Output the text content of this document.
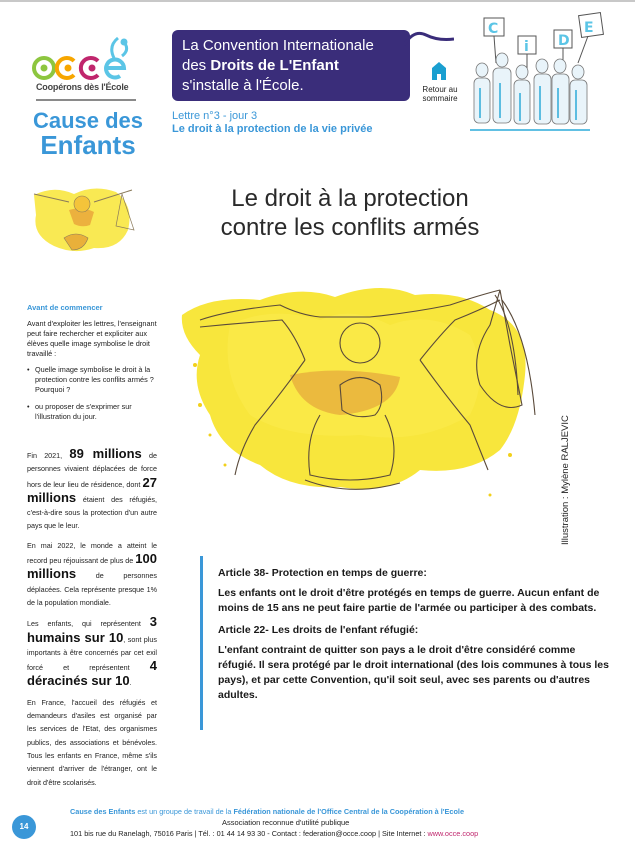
Coopérons dès l'École
Cause des
Enfants
La Convention Internationale
des Droits de L'Enfant
s'installe à l'École.	Retour au
sommaire
C
i D
E
Lettre n°3 - jour 3
Le droit à la protection de la vie privée
Avant de commencer

Avant d'exploiter les lettres, l'enseignant peut faire rechercher et expliciter aux élèves quelle image symbolise le droit travaillé :

• Quelle image symbolise le droit à la protection contre les conflits armés ? Pourquoi ?
• ou proposer de s'exprimer sur l'illustration du jour.

Fin 2021, 89 millions de personnes vivaient déplacées de force hors de leur lieu de résidence, dont 27 millions étaient des réfugiés, c'est-à-dire sous la protection d'un autre pays que le leur.

En mai 2022, le monde a atteint le record peu réjouissant de plus de 100 millions de personnes déplacées. Cela représente presque 1% de la population mondiale.

Les enfants, qui représentent 3 humains sur 10, sont plus importants à être concernés par cet exil forcé et représentent 4 déracinés sur 10.

En France, l'accueil des réfugiés et demandeurs d'asiles est organisé par les services de l'Etat, des organismes publics, des associations et bénévoles. Tous les enfants en France, même s'ils viennent d'arriver de l'étranger, ont le droit d'être scolarisés.

Le droit à la protection
contre les conflits armés
Illustration : Mylène RALJEVIC
Article 38- Protection en temps de guerre:

Les enfants ont le droit d'être protégés en temps de guerre. Aucun enfant de moins de 15 ans ne peut faire partie de l'armée ou participer à des combats.

Article 22- Les droits de l'enfant réfugié:

L'enfant contraint de quitter son pays a le droit d'être considéré comme réfugié. Il sera protégé par le droit international (des lois communes à tous les pays), et par cette Convention, qu'il soit seul, avec ses parents ou d'autres adultes.

14
Cause des Enfants est un groupe de travail de la Fédération nationale de l'Office Central de la Coopération à l'Ecole
Association reconnue d'utilité publique
101 bis rue du Ranelagh, 75016 Paris | Tél. : 01 44 14 93 30 - Contact : federation@occe.coop | Site Internet : www.occe.coop
